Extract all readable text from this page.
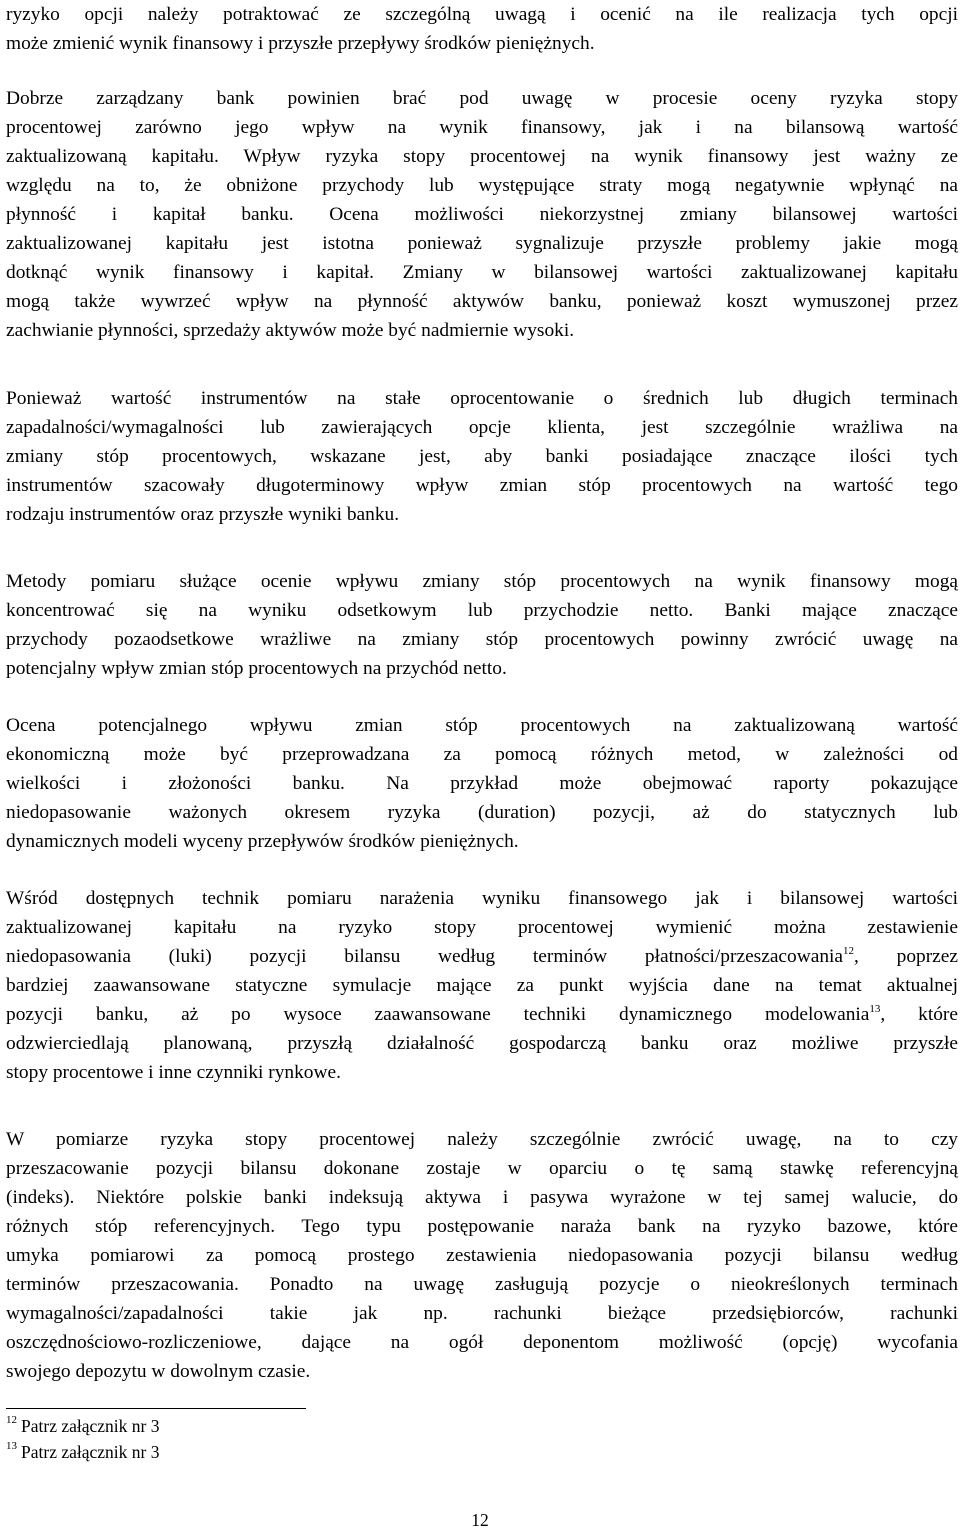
ryzyko opcji należy potraktować ze szczególną uwagą i ocenić na ile realizacja tych opcji
może zmienić wynik finansowy i przyszłe przepływy środków pieniężnych.
Dobrze zarządzany bank powinien brać pod uwagę w procesie oceny ryzyka stopy
procentowej zarówno jego wpływ na wynik finansowy, jak i na bilansową wartość
zaktualizowaną kapitału. Wpływ ryzyka stopy procentowej na wynik finansowy jest ważny ze
względu na to, że obniżone przychody lub występujące straty mogą negatywnie wpłynąć na
płynność i kapitał banku. Ocena możliwości niekorzystnej zmiany bilansowej wartości
zaktualizowanej kapitału jest istotna ponieważ sygnalizuje przyszłe problemy jakie mogą
dotknąć wynik finansowy i kapitał. Zmiany w bilansowej wartości zaktualizowanej kapitału
mogą także wywrzeć wpływ na płynność aktywów banku, ponieważ koszt wymuszonej przez
zachwianie płynności, sprzedaży aktywów może być nadmiernie wysoki.
Ponieważ wartość instrumentów na stałe oprocentowanie o średnich lub długich terminach
zapadalności/wymagalności lub zawierających opcje klienta, jest szczególnie wrażliwa na
zmiany stóp procentowych, wskazane jest, aby banki posiadające znaczące ilości tych
instrumentów szacowały długoterminowy wpływ zmian stóp procentowych na wartość tego
rodzaju instrumentów oraz przyszłe wyniki banku.
Metody pomiaru służące ocenie wpływu zmiany stóp procentowych na wynik finansowy mogą
koncentrować się na wyniku odsetkowym lub przychodzie netto. Banki mające znaczące
przychody pozaodsetkowe wrażliwe na zmiany stóp procentowych powinny zwrócić uwagę na
potencjalny wpływ zmian stóp procentowych na przychód netto.
Ocena potencjalnego wpływu zmian stóp procentowych na zaktualizowaną wartość
ekonomiczną może być przeprowadzana za pomocą różnych metod, w zależności od
wielkości i złożoności banku. Na przykład może obejmować raporty pokazujące
niedopasowanie ważonych okresem ryzyka (duration) pozycji, aż do statycznych lub
dynamicznych modeli wyceny przepływów środków pieniężnych.
Wśród dostępnych technik pomiaru narażenia wyniku finansowego jak i bilansowej wartości
zaktualizowanej kapitału na ryzyko stopy procentowej wymienić można zestawienie
niedopasowania (luki) pozycji bilansu według terminów płatności/przeszacowania$^{12}$, poprzez
bardziej zaawansowane statyczne symulacje mające za punkt wyjścia dane na temat aktualnej
pozycji banku, aż po wysoce zaawansowane techniki dynamicznego modelowania$^{13}$, które
odzwierciedlają planowaną, przyszłą działalność gospodarczą banku oraz możliwe przyszłe
stopy procentowe i inne czynniki rynkowe.
W pomiarze ryzyka stopy procentowej należy szczególnie zwrócić uwagę, na to czy
przeszacowanie pozycji bilansu dokonane zostaje w oparciu o tę samą stawkę referencyjną
(indeks). Niektóre polskie banki indeksują aktywa i pasywa wyrażone w tej samej walucie, do
różnych stóp referencyjnych. Tego typu postępowanie naraża bank na ryzyko bazowe, które
umyka pomiarowi za pomocą prostego zestawienia niedopasowania pozycji bilansu według
terminów przeszacowania. Ponadto na uwagę zasługują pozycje o nieokreślonych terminach
wymagalności/zapadalności takie jak np. rachunki bieżące przedsiębiorców, rachunki
oszczędnościowo-rozliczeniowe, dające na ogół deponentom możliwość (opcję) wycofania
swojego depozytu w dowolnym czasie.
$^{12}$ Patrz załącznik nr 3
$^{13}$ Patrz załącznik nr 3
12
